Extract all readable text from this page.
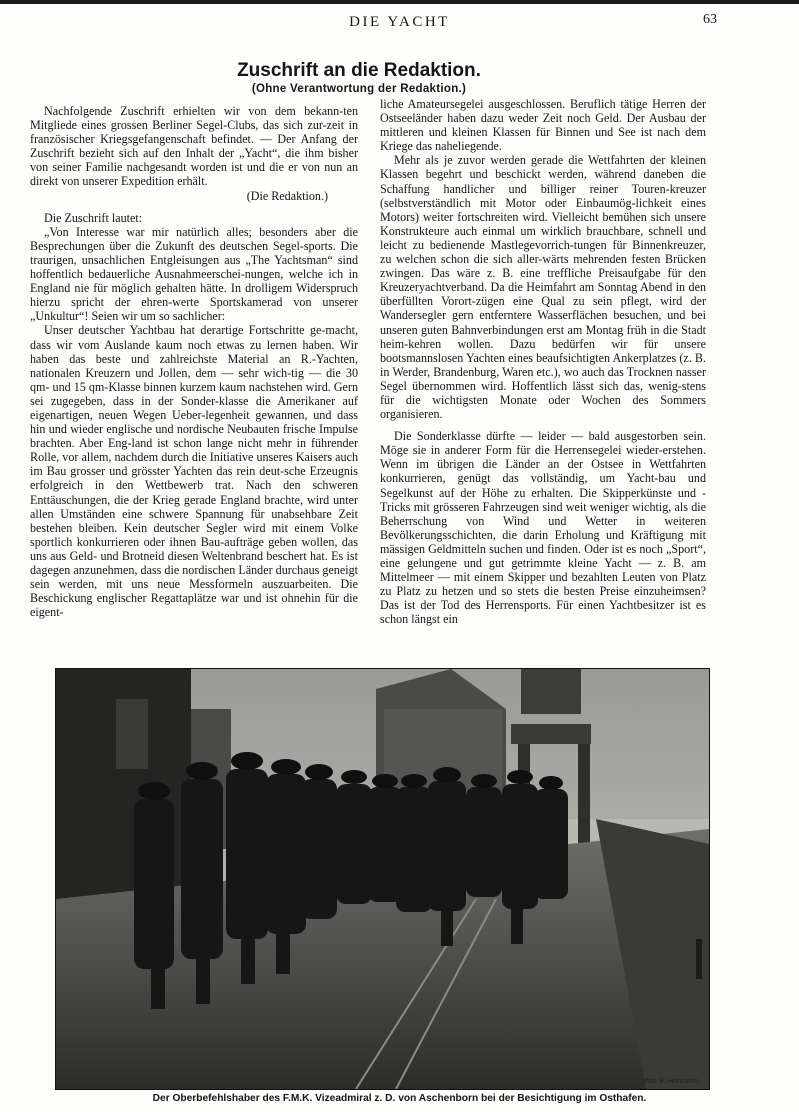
DIE YACHT	63
Zuschrift an die Redaktion.
(Ohne Verantwortung der Redaktion.)

Nachfolgende Zuschrift erhielten wir von dem bekann-ten Mitgliede eines grossen Berliner Segel-Clubs, das sich zur-zeit in französischer Kriegsgefangenschaft befindet. — Der Anfang der Zuschrift bezieht sich auf den Inhalt der „Yacht“, die ihm bisher von seiner Familie nachgesandt worden ist und die er von nun an direkt von unserer Expedition erhält.
(Die Redaktion.)

Die Zuschrift lautet:

„Von Interesse war mir natürlich alles; besonders aber die Besprechungen über die Zukunft des deutschen Segel-sports. Die traurigen, unsachlichen Entgleisungen aus „The Yachtsman“ sind hoffentlich bedauerliche Ausnahmeerschei-nungen, welche ich in England nie für möglich gehalten hätte. In drolligem Widerspruch hierzu spricht der ehren-werte Sportskamerad von unserer „Unkultur“! Seien wir um so sachlicher:

Unser deutscher Yachtbau hat derartige Fortschritte ge-macht, dass wir vom Auslande kaum noch etwas zu lernen haben. Wir haben das beste und zahlreichste Material an R.-Yachten, nationalen Kreuzern und Jollen, dem — sehr wich-tig — die 30 qm- und 15 qm-Klasse binnen kurzem kaum nachstehen wird. Gern sei zugegeben, dass in der Sonder-klasse die Amerikaner auf eigenartigen, neuen Wegen Ueber-legenheit gewannen, und dass hin und wieder englische und nordische Neubauten frische Impulse brachten. Aber Eng-land ist schon lange nicht mehr in führender Rolle, vor allem, nachdem durch die Initiative unseres Kaisers auch im Bau grosser und grösster Yachten das rein deut-sche Erzeugnis erfolgreich in den Wettbewerb trat. Nach den schweren Enttäuschungen, die der Krieg gerade England brachte, wird unter allen Umständen eine schwere Spannung für unabsehbare Zeit bestehen bleiben. Kein deutscher Segler wird mit einem Volke sportlich konkurrieren oder ihnen Bau-aufträge geben wollen, das uns aus Geld- und Brotneid diesen Weltenbrand beschert hat. Es ist dagegen anzunehmen, dass die nordischen Länder durchaus geneigt sein werden, mit uns neue Messformeln auszuarbeiten. Die Beschickung englischer Regattaplätze war und ist ohnehin für die eigent-

liche Amateursegelei ausgeschlossen. Beruflich tätige Herren der Ostseeländer haben dazu weder Zeit noch Geld. Der Ausbau der mittleren und kleinen Klassen für Binnen und See ist nach dem Kriege das naheliegende.

Mehr als je zuvor werden gerade die Wettfahrten der kleinen Klassen begehrt und beschickt werden, während daneben die Schaffung handlicher und billiger reiner Touren-kreuzer (selbstverständlich mit Motor oder Einbaumög-lichkeit eines Motors) weiter fortschreiten wird. Vielleicht bemühen sich unsere Konstrukteure auch einmal um wirklich brauchbare, schnell und leicht zu bedienende Mastlegevorrich-tungen für Binnenkreuzer, zu welchen schon die sich aller-wärts mehrenden festen Brücken zwingen. Das wäre z. B. eine treffliche Preisaufgabe für den Kreuzeryachtverband. Da die Heimfahrt am Sonntag Abend in den überfüllten Vorort-zügen eine Qual zu sein pflegt, wird der Wandersegler gern entferntere Wasserflächen besuchen, und bei unseren guten Bahnverbindungen erst am Montag früh in die Stadt heim-kehren wollen. Dazu bedürfen wir für unsere bootsmannslosen Yachten eines beaufsichtigten Ankerplatzes (z. B. in Werder, Brandenburg, Waren etc.), wo auch das Trocknen nasser Segel übernommen wird. Hoffentlich lässt sich das, wenig-stens für die wichtigsten Monate oder Wochen des Sommers organisieren.

Die Sonderklasse dürfte — leider — bald ausgestorben sein. Möge sie in anderer Form für die Herrensegelei wieder-erstehen. Wenn im übrigen die Länder an der Ostsee in Wettfahrten konkurrieren, genügt das vollständig, um Yacht-bau und Segelkunst auf der Höhe zu erhalten. Die Skipperkünste und -Tricks mit grösseren Fahrzeugen sind weit weniger wichtig, als die Beherrschung von Wind und Wetter in weiteren Bevölkerungsschichten, die darin Erholung und Kräftigung mit mässigen Geldmitteln suchen und finden. Oder ist es noch „Sport“, eine gelungene und gut getrimmte kleine Yacht — z. B. am Mittelmeer — mit einem Skipper und bezahlten Leuten von Platz zu Platz zu hetzen und so stets die besten Preise einzuheimsen? Das ist der Tod des Herrensports. Für einen Yachtbesitzer ist es schon längst ein

phot. E. Hohmann.
Der Oberbefehlshaber des F.M.K. Vizeadmiral z. D. von Aschenborn bei der Besichtigung im Osthafen.
